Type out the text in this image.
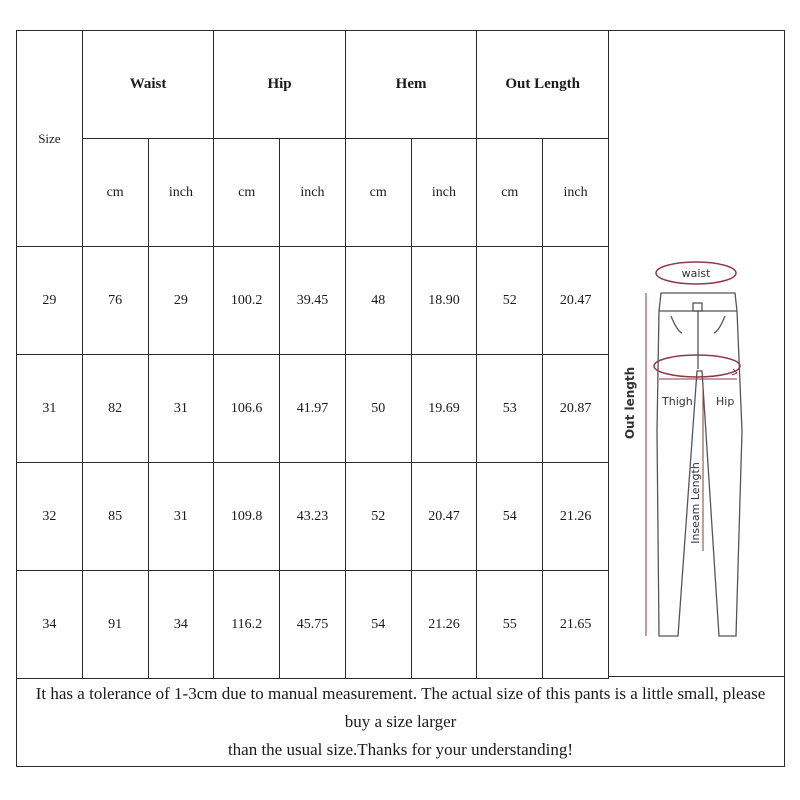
Size	Waist		Hip		Hem		Out Length	
	cm	inch	cm	inch	cm	inch	cm	inch
29	76	29	100.2	39.45	48	18.90	52	20.47
31	82	31	106.6	41.97	50	19.69	53	20.87
32	85	31	109.8	43.23	52	20.47	54	21.26
34	91	34	116.2	45.75	54	21.26	55	21.65
waist
Thigh Hip
Out length
Inseam Length
It has a tolerance of 1-3cm due to manual measurement. The actual size of this pants is a little small, please buy a size larger
than the usual size.Thanks for your understanding!
